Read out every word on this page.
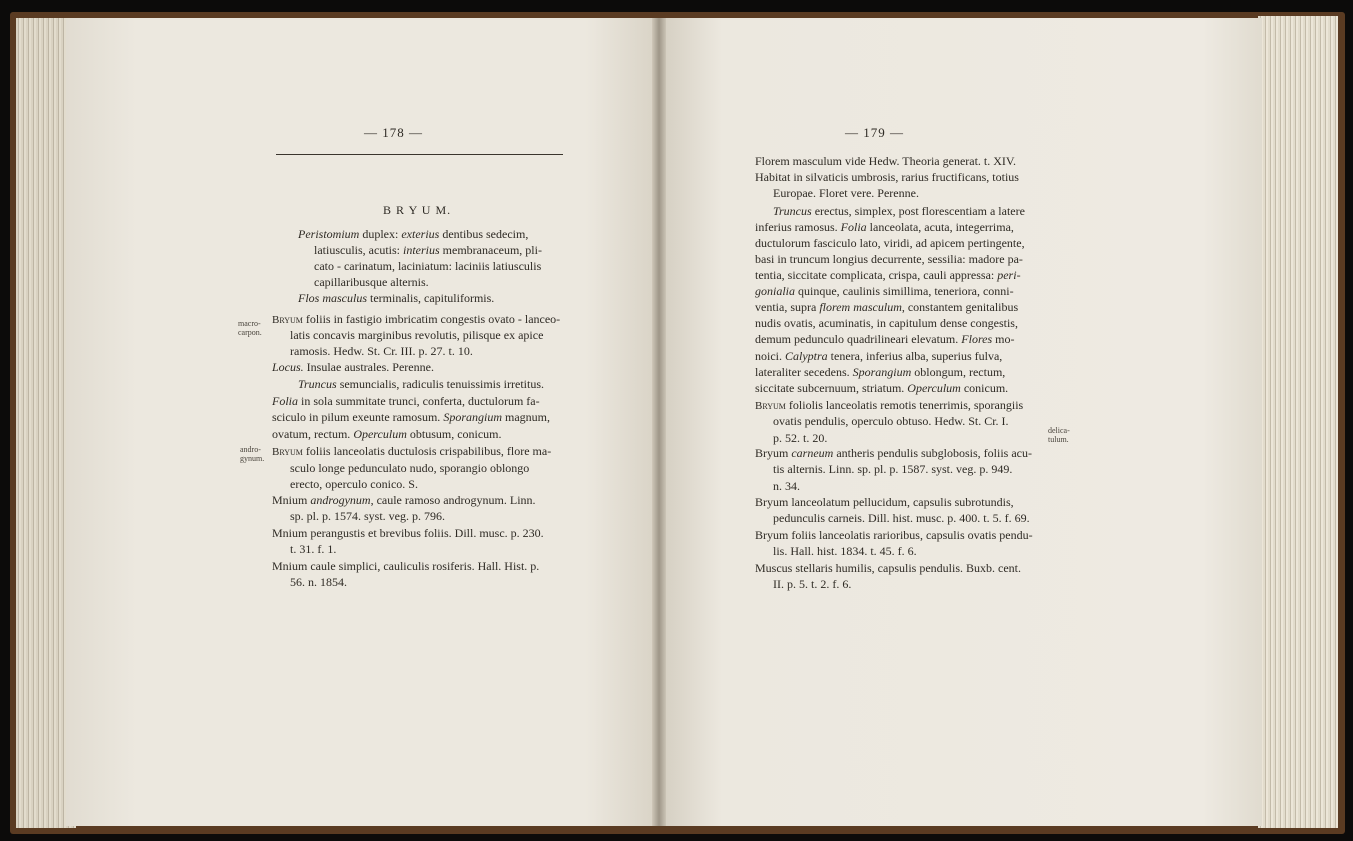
— 178 —	— 179 —
B R Y U M.
Peristomium duplex: exterius dentibus sedecim,
latiusculis, acutis: interius membranaceum, pli-
cato - carinatum, laciniatum: laciniis latiusculis
capillaribusque alternis.
Flos masculus terminalis, capituliformis.
Bryum foliis in fastigio imbricatim congestis ovato - lanceo-
latis concavis marginibus revolutis, pilisque ex apice
ramosis. Hedw. St. Cr. III. p. 27. t. 10.
Locus. Insulae australes. Perenne.
Truncus semuncialis, radiculis tenuissimis irretitus.
Folia in sola summitate trunci, conferta, ductulorum fa-
sciculo in pilum exeunte ramosum. Sporangium magnum,
ovatum, rectum. Operculum obtusum, conicum.
Bryum foliis lanceolatis ductulosis crispabilibus, flore ma-
sculo longe pedunculato nudo, sporangio oblongo
erecto, operculo conico. S.
Mnium androgynum, caule ramoso androgynum. Linn.
sp. pl. p. 1574. syst. veg. p. 796.
Mnium perangustis et brevibus foliis. Dill. musc. p. 230.
t. 31. f. 1.
Mnium caule simplici, cauliculis rosiferis. Hall. Hist. p.
56. n. 1854.
Florem masculum vide Hedw. Theoria generat. t. XIV.
Habitat in silvaticis umbrosis, rarius fructificans, totius
Europae. Floret vere. Perenne.
Truncus erectus, simplex, post florescentiam a latere
inferius ramosus. Folia lanceolata, acuta, integerrima,
ductulorum fasciculo lato, viridi, ad apicem pertingente,
basi in truncum longius decurrente, sessilia: madore pa-
tentia, siccitate complicata, crispa, cauli appressa: peri-
gonialia quinque, caulinis simillima, teneriora, conni-
ventia, supra florem masculum, constantem genitalibus
nudis ovatis, acuminatis, in capitulum dense congestis,
demum pedunculo quadrilineari elevatum. Flores mo-
noici. Calyptra tenera, inferius alba, superius fulva,
lateraliter secedens. Sporangium oblongum, rectum,
siccitate subcernuum, striatum. Operculum conicum.
Bryum foliolis lanceolatis remotis tenerrimis, sporangiis
ovatis pendulis, operculo obtuso. Hedw. St. Cr. I.
p. 52. t. 20.
Bryum carneum antheris pendulis subglobosis, foliis acu-
tis alternis. Linn. sp. pl. p. 1587. syst. veg. p. 949.
n. 34.
Bryum lanceolatum pellucidum, capsulis subrotundis,
pedunculis carneis. Dill. hist. musc. p. 400. t. 5. f. 69.
Bryum foliis lanceolatis rarioribus, capsulis ovatis pendu-
lis. Hall. hist. 1834. t. 45. f. 6.
Muscus stellaris humilis, capsulis pendulis. Buxb. cent.
II. p. 5. t. 2. f. 6.
macro-
carpon.
andro-
gynum.
delica-
tulum.
